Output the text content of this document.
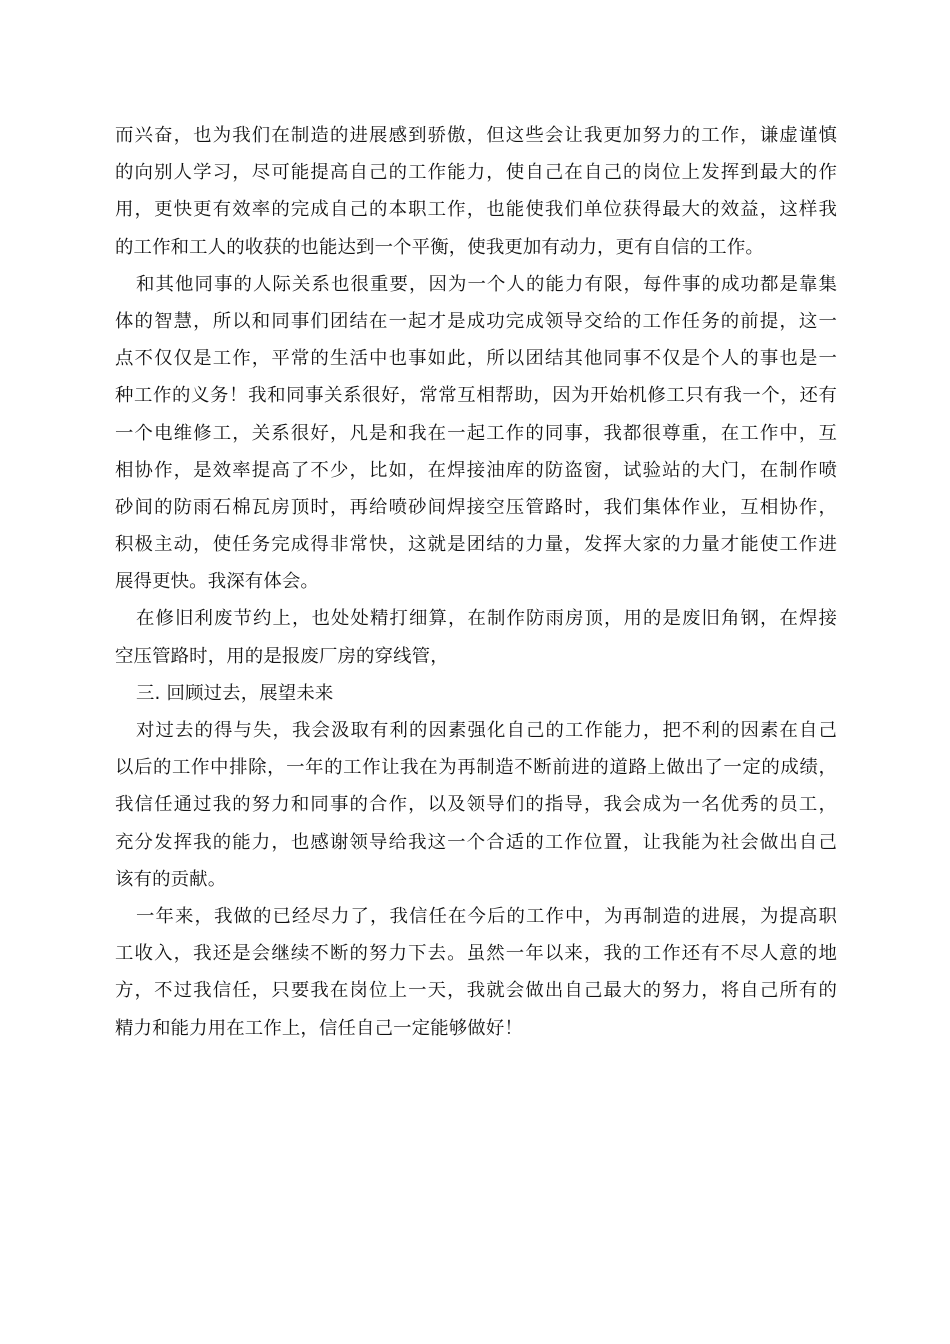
而兴奋，也为我们在制造的进展感到骄傲，但这些会让我更加努力的工作，谦虚谨慎
的向别人学习，尽可能提高自己的工作能力，使自己在自己的岗位上发挥到最大的作
用，更快更有效率的完成自己的本职工作，也能使我们单位获得最大的效益，这样我
的工作和工人的收获的也能达到一个平衡，使我更加有动力，更有自信的工作。
和其他同事的人际关系也很重要，因为一个人的能力有限，每件事的成功都是靠集
体的智慧，所以和同事们团结在一起才是成功完成领导交给的工作任务的前提，这一
点不仅仅是工作，平常的生活中也事如此，所以团结其他同事不仅是个人的事也是一
种工作的义务！我和同事关系很好，常常互相帮助，因为开始机修工只有我一个，还有
一个电维修工，关系很好，凡是和我在一起工作的同事，我都很尊重，在工作中，互
相协作，是效率提高了不少，比如，在焊接油库的防盗窗，试验站的大门，在制作喷
砂间的防雨石棉瓦房顶时，再给喷砂间焊接空压管路时，我们集体作业，互相协作，
积极主动，使任务完成得非常快，这就是团结的力量，发挥大家的力量才能使工作进
展得更快。我深有体会。
在修旧利废节约上，也处处精打细算，在制作防雨房顶，用的是废旧角钢，在焊接
空压管路时，用的是报废厂房的穿线管，
三. 回顾过去，展望未来
对过去的得与失，我会汲取有利的因素强化自己的工作能力，把不利的因素在自己
以后的工作中排除，一年的工作让我在为再制造不断前进的道路上做出了一定的成绩，
我信任通过我的努力和同事的合作，以及领导们的指导，我会成为一名优秀的员工，
充分发挥我的能力，也感谢领导给我这一个合适的工作位置，让我能为社会做出自己
该有的贡献。
一年来，我做的已经尽力了，我信任在今后的工作中，为再制造的进展，为提高职
工收入，我还是会继续不断的努力下去。虽然一年以来，我的工作还有不尽人意的地
方，不过我信任，只要我在岗位上一天，我就会做出自己最大的努力，将自己所有的
精力和能力用在工作上，信任自己一定能够做好！
